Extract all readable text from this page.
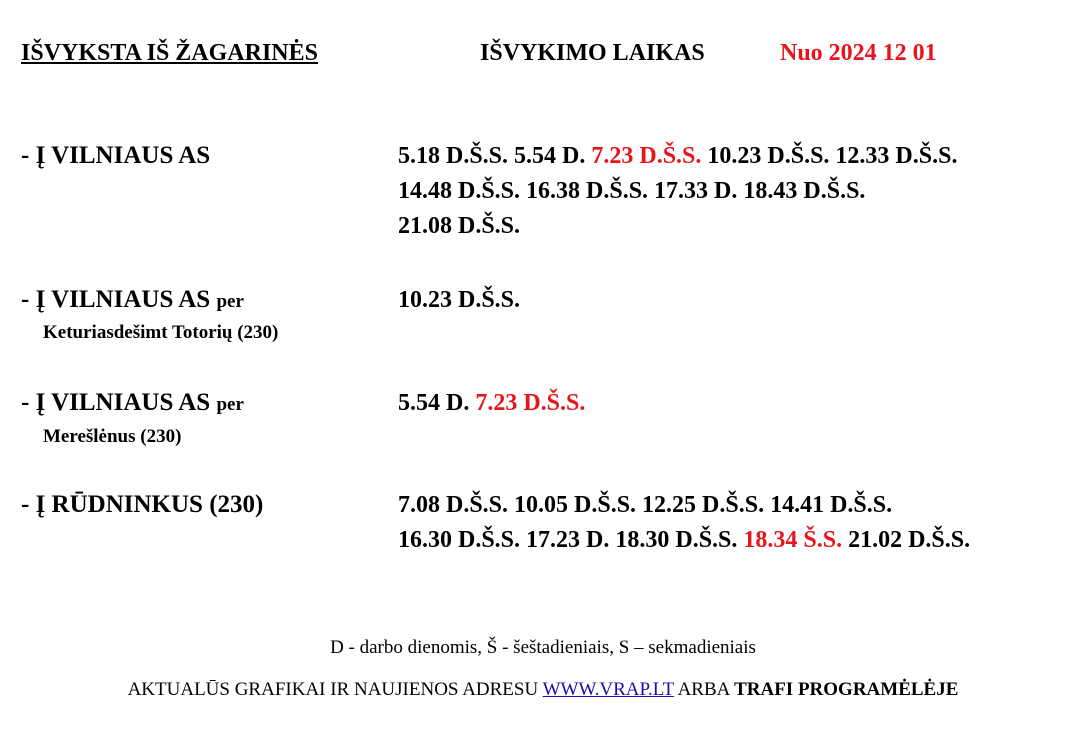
IŠVYKSTA IŠ ŽAGARINĖS	IŠVYKIMO LAIKAS	Nuo 2024 12 01
- Į VILNIAUS AS	5.18 D.Š.S. 5.54 D. 7.23 D.Š.S. 10.23 D.Š.S. 12.33 D.Š.S.
14.48 D.Š.S. 16.38 D.Š.S. 17.33 D. 18.43 D.Š.S.
21.08 D.Š.S.
- Į VILNIAUS AS per
Keturiasdešimt Totorių (230)
10.23 D.Š.S.
- Į VILNIAUS AS per
Merešlėnus (230)
5.54 D. 7.23 D.Š.S.
- Į RŪDNINKUS (230)	7.08 D.Š.S. 10.05 D.Š.S. 12.25 D.Š.S. 14.41 D.Š.S.
16.30 D.Š.S. 17.23 D. 18.30 D.Š.S. 18.34 Š.S. 21.02 D.Š.S.
D - darbo dienomis, Š - šeštadieniais, S – sekmadieniais
AKTUALŪS GRAFIKAI IR NAUJIENOS ADRESU WWW.VRAP.LT ARBA TRAFI PROGRAMĖLĖJE
